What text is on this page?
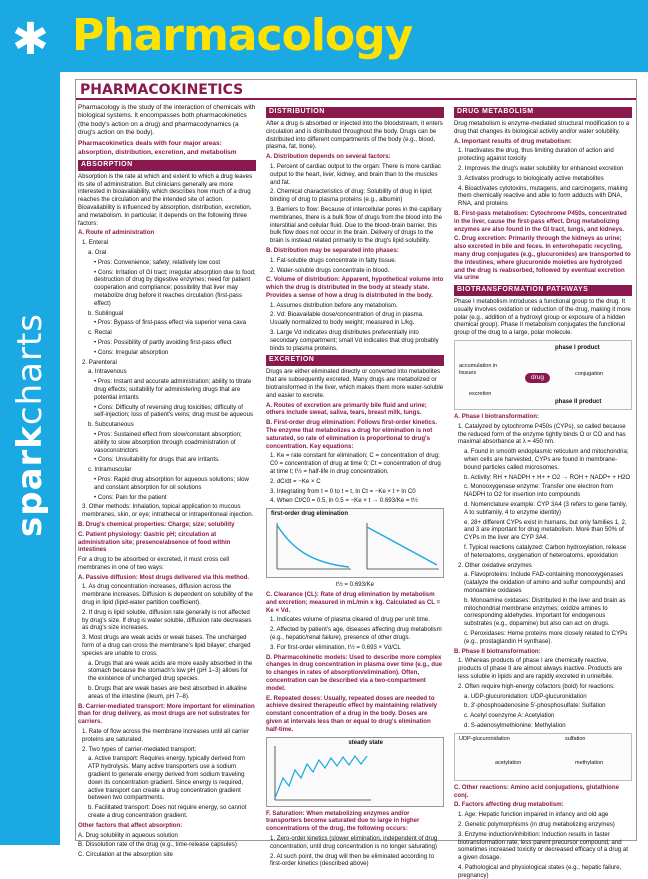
✱
sparkcharts
Pharmacology
PHARMACOKINETICS

Pharmacology is the study of the interaction of chemicals with biological systems. It encompasses both pharmacokinetics (the body's action on a drug) and pharmacodynamics (a drug's action on the body).

Pharmacokinetics deals with four major areas: absorption, distribution, excretion, and metabolism

ABSORPTION

Absorption is the rate at which and extent to which a drug leaves its site of administration. But clinicians generally are more interested in bioavailability, which describes how much of a drug reaches the circulation and the intended site of action. Bioavailability is influenced by absorption, distribution, excretion, and metabolism. In particular, it depends on the following three factors:

A. Route of administration

1. Enteral

a. Oral

• Pros: Convenience; safety; relatively low cost

• Cons: Irritation of GI tract; irregular absorption due to food; destruction of drug by digestive enzymes; need for patient cooperation and compliance; possibility that liver may metabolize drug before it reaches circulation (first-pass effect)

b. Sublingual

• Pros: Bypass of first-pass effect via superior vena cava

c. Rectal

• Pros: Possibility of partly avoiding first-pass effect

• Cons: Irregular absorption

2. Parenteral

a. Intravenous

• Pros: Instant and accurate administration; ability to titrate drug effects; suitability for administering drugs that are potential irritants

• Cons: Difficulty of reversing drug toxicities; difficulty of self-injection; loss of patient's veins; drug must be aqueous

b. Subcutaneous

• Pros: Sustained effect from slow/constant absorption; ability to slow absorption through coadministration of vasoconstrictors

• Cons: Unsuitability for drugs that are irritants.

c. Intramuscular

• Pros: Rapid drug absorption for aqueous solutions; slow and constant absorption for oil solutions

• Cons: Pain for the patient

3. Other methods: Inhalation, topical application to mucous membranes, skin, or eye; intrathecal or intraperitoneal injection.

B. Drug's chemical properties: Charge; size; solubility

C. Patient physiology: Gastric pH; circulation at administration site; presence/absence of food within intestines

For a drug to be absorbed or excreted, it must cross cell membranes in one of two ways:

A. Passive diffusion: Most drugs delivered via this method.

1. As drug concentration increases, diffusion across the membrane increases. Diffusion is dependent on solubility of the drug in lipid (lipid-water partition coefficient).

2. If drug is lipid soluble, diffusion rate generally is not affected by drug's size. If drug is water soluble, diffusion rate decreases as drug's size increases.

3. Most drugs are weak acids or weak bases. The uncharged form of a drug can cross the membrane's lipid bilayer; charged species are unable to cross.

a. Drugs that are weak acids are more easily absorbed in the stomach because the stomach's low pH (pH 1–3) allows for the existence of uncharged drug species.

b. Drugs that are weak bases are best absorbed in alkaline areas of the intestine (ileum, pH 7–8).

B. Carrier-mediated transport: More important for elimination than for drug delivery, as most drugs are not substrates for carriers.

1. Rate of flow across the membrane increases until all carrier proteins are saturated.

2. Two types of carrier-mediated transport:

a. Active transport: Requires energy, typically derived from ATP hydrolysis. Many active transporters use a sodium gradient to generate energy derived from sodium traveling down its concentration gradient. Since energy is required, active transport can create a drug concentration gradient between two compartments.

b. Facilitated transport: Does not require energy, so cannot create a drug concentration gradient.

Other factors that affect absorption:

A. Drug solubility in aqueous solution

B. Dissolution rate of the drug (e.g., time-release capsules)

C. Circulation at the absorption site

DISTRIBUTION

After a drug is absorbed or injected into the bloodstream, it enters circulation and is distributed throughout the body. Drugs can be distributed into different compartments of the body (e.g., blood, plasma, fat, bone).

A. Distribution depends on several factors:

1. Percent of cardiac output to the organ: There is more cardiac output to the heart, liver, kidney, and brain than to the muscles and fat.

2. Chemical characteristics of drug: Solubility of drug in lipid; binding of drug to plasma proteins (e.g., albumin)

3. Barriers to flow: Because of intercellular pores in the capillary membranes, there is a bulk flow of drugs from the blood into the interstitial and cellular fluid. Due to the blood-brain barrier, this bulk flow does not occur in the brain. Delivery of drugs to the brain is instead related primarily to the drug's lipid solubility.

B. Distribution may be separated into phases:

1. Fat-soluble drugs concentrate in fatty tissue.

2. Water-soluble drugs concentrate in blood.

C. Volume of distribution: Apparent, hypothetical volume into which the drug is distributed in the body at steady state. Provides a sense of how a drug is distributed in the body.

1. Assumes distribution before any metabolism.

2. Vd: Bioavailable dose/concentration of drug in plasma. Usually normalized to body weight; measured in L/kg.

3. Large Vd indicates drug distributes preferentially into secondary compartment; small Vd indicates that drug probably binds to plasma proteins.

EXCRETION

Drugs are either eliminated directly or converted into metabolites that are subsequently excreted. Many drugs are metabolized or biotransformed in the liver, which makes them more water-soluble and easier to excrete.

A. Routes of excretion are primarily bile fluid and urine; others include sweat, saliva, tears, breast milk, lungs.

B. First-order drug elimination: Follows first-order kinetics. The enzyme that metabolizes a drug for elimination is not saturated, so rate of elimination is proportional to drug's concentration. Key equations:

1. Ke = rate constant for elimination; C = concentration of drug; C0 = concentration of drug at time 0; Ct = concentration of drug at time t; t½ = half-life in drug concentration.

2. dC/dt = −Ke × C

3. Integrating from t = 0 to t = t, ln Ct = −Ke × t + ln C0

4. When Ct/C0 = 0.5, ln 0.5 = −Ke × t → 0.693/Ke = t½

first-order drug elimination

t½ = 0.693/Ke

C. Clearance (CL): Rate of drug elimination by metabolism and excretion; measured in mL/min x kg. Calculated as CL = Ke × Vd.

1. Indicates volume of plasma cleared of drug per unit time.

2. Affected by patient's age, diseases affecting drug metabolism (e.g., hepatic/renal failure), presence of other drugs.

3. For first-order elimination, t½ = 0.693 × Vd/CL

D. Pharmacokinetic models: Used to describe more complex changes in drug concentration in plasma over time (e.g., due to changes in rates of absorption/elimination). Often, concentration can be described via a two-compartment model.

E. Repeated doses: Usually, repeated doses are needed to achieve desired therapeutic effect by maintaining relatively constant concentration of a drug in the body. Doses are given at intervals less than or equal to drug's elimination half-time.

steady state

F. Saturation: When metabolizing enzymes and/or transporters become saturated due to large in higher concentrations of the drug, the following occurs:

1. Zero-order kinetics (slower elimination, independent of drug concentration, until drug concentration is no longer saturating)

2. At such point, the drug will then be eliminated according to first-order kinetics (described above)

DRUG METABOLISM

Drug metabolism is enzyme-mediated structural modification to a drug that changes its biological activity and/or water solubility.

A. Important results of drug metabolism:

1. Inactivates the drug, thus limiting duration of action and protecting against toxicity

2. Improves the drug's water solubility for enhanced excretion

3. Activates prodrugs to biologically active metabolites

4. Bioactivates cytotoxins, mutagens, and carcinogens, making them chemically reactive and able to form adducts with DNA, RNA, and proteins

B. First-pass metabolism: Cytochrome P450s, concentrated in the liver, cause the first-pass effect. Drug metabolizing enzymes are also found in the GI tract, lungs, and kidneys.

C. Drug excretion: Primarily through the kidneys as urine; also excreted in bile and feces. In enterohepatic recycling, many drug conjugates (e.g., glucuronides) are transported to the intestines, where glucuronide moieties are hydrolyzed and the drug is reabsorbed, followed by eventual excretion via urine

BIOTRANSFORMATION PATHWAYS

Phase I metabolism introduces a functional group to the drug. It usually involves oxidation or reduction of the drug, making it more polar (e.g., addition of a hydroxyl group or exposure of a hidden chemical group). Phase II metabolism conjugates the functional group of the drug to a large, polar molecule.

phase I product
drug
accumulation in tissues
excretion
conjugation
phase II product

A. Phase I biotransformation:

1. Catalyzed by cytochrome P450s (CYPs), so called because the reduced form of the enzyme tightly binds O or CO and has maximal absorbance at λ = 450 nm.

a. Found in smooth endoplasmic reticulum and mitochondria; when cells are harvested, CYPs are found in membrane-bound particles called microsomes.

b. Activity: RH + NADPH + H+ + O2 → ROH + NADP+ + H2O

c. Monooxygenase enzyme: Transfer one electron from NADPH to O2 for insertion into compounds

d. Nomenclature example: CYP 3A4 (3 refers to gene family, A to subfamily, 4 to enzyme identity)

e. 28+ different CYPs exist in humans, but only families 1, 2, and 3 are important for drug metabolism. More than 50% of CYPs in the liver are CYP 3A4.

f. Typical reactions catalyzed: Carbon hydroxylation, release of heteroatoms, oxygenation of heteroatoms, epoxidation

2. Other oxidative enzymes

a. Flavoproteins: Include FAD-containing monooxygenases (catalyze the oxidation of amino and sulfur compounds) and monoamine oxidases

b. Monoamine oxidases: Distributed in the liver and brain as mitochondrial membrane enzymes; oxidize amines to corresponding aldehydes. Important for endogenous substrates (e.g., dopamine) but also can act on drugs.

c. Peroxidases: Heme proteins more closely related to CYPs (e.g., prostaglandin H synthase).

B. Phase II biotransformation:

1. Whereas products of phase I are chemically reactive, products of phase II are almost always inactive. Products are less soluble in lipids and are rapidly excreted in urine/bile.

2. Often require high-energy cofactors (bold) for reactions:

a. UDP-glucuronidation: UDP-glucuronidation

b. 3'-phosphoadenosine 5'-phosphosulfate: Sulfation

c. Acetyl coenzyme A: Acetylation

d. S-adenosylmethionine: Methylation

UDP-glucuronidation	sulfation
acetylation	methylation

C. Other reactions: Amino acid conjugations, glutathione conj.

D. Factors affecting drug metabolism:

1. Age: Hepatic function impaired in infancy and old age

2. Genetic polymorphisms (in drug metabolizing enzymes)

3. Enzyme induction/inhibition: Induction results in faster biotransformation rate, less parent precursor compound, and sometimes increased toxicity or decreased efficacy of a drug at a given dosage.

4. Pathological and physiological states (e.g., hepatic failure, pregnancy)
